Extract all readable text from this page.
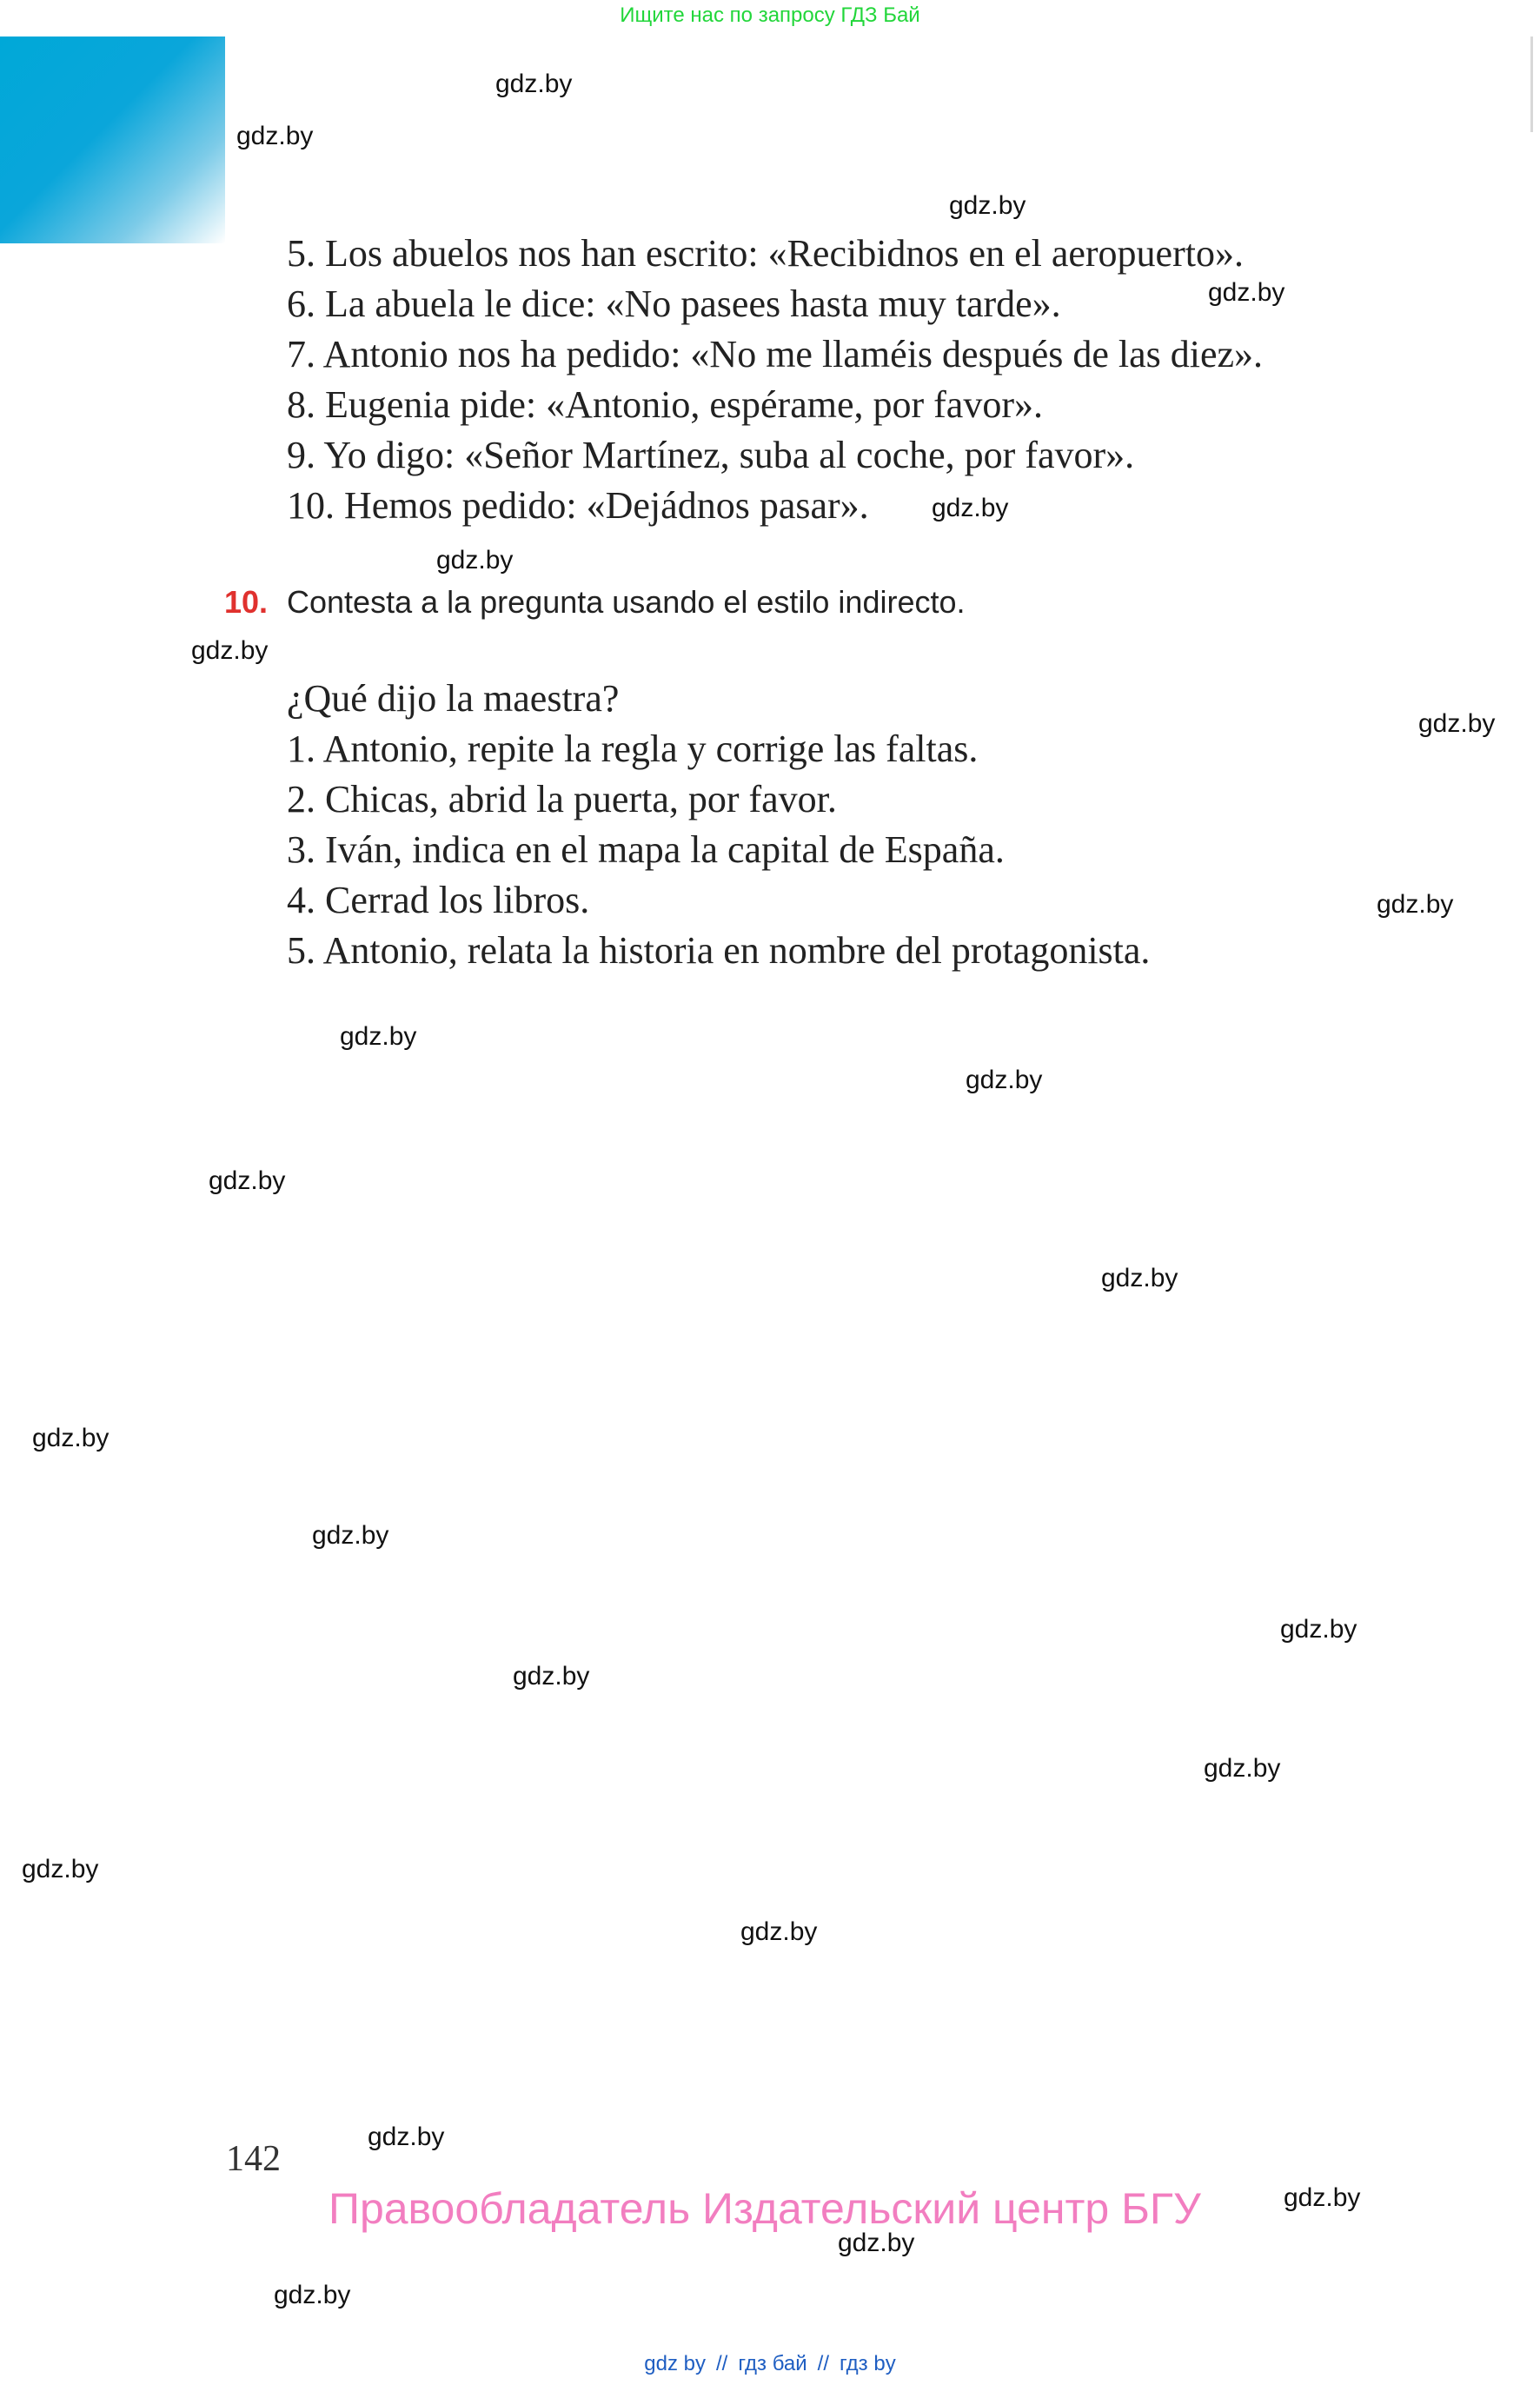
Ищите нас по запросу ГДЗ Бай
5. Los abuelos nos han escrito: «Recibidnos en el aeropuerto».
6. La abuela le dice: «No pasees hasta muy tarde».
7. Antonio nos ha pedido: «No me llaméis después de las diez».
8. Eugenia pide: «Antonio, espérame, por favor».
9. Yo digo: «Señor Martínez, suba al coche, por favor».
10. Hemos pedido: «Dejádnos pasar».
10. Contesta a la pregunta usando el estilo indirecto.
¿Qué dijo la maestra?
1. Antonio, repite la regla y corrige las faltas.
2. Chicas, abrid la puerta, por favor.
3. Iván, indica en el mapa la capital de España.
4. Cerrad los libros.
5. Antonio, relata la historia en nombre del protagonista.
142
Правообладатель Издательский центр БГУ
gdz by // гдз бай // гдз by
gdz.by
gdz.by
gdz.by
gdz.by
gdz.by
gdz.by
gdz.by
gdz.by
gdz.by
gdz.by
gdz.by
gdz.by
gdz.by
gdz.by
gdz.by
gdz.by
gdz.by
gdz.by
gdz.by
gdz.by
gdz.by
gdz.by
gdz.by
gdz.by
